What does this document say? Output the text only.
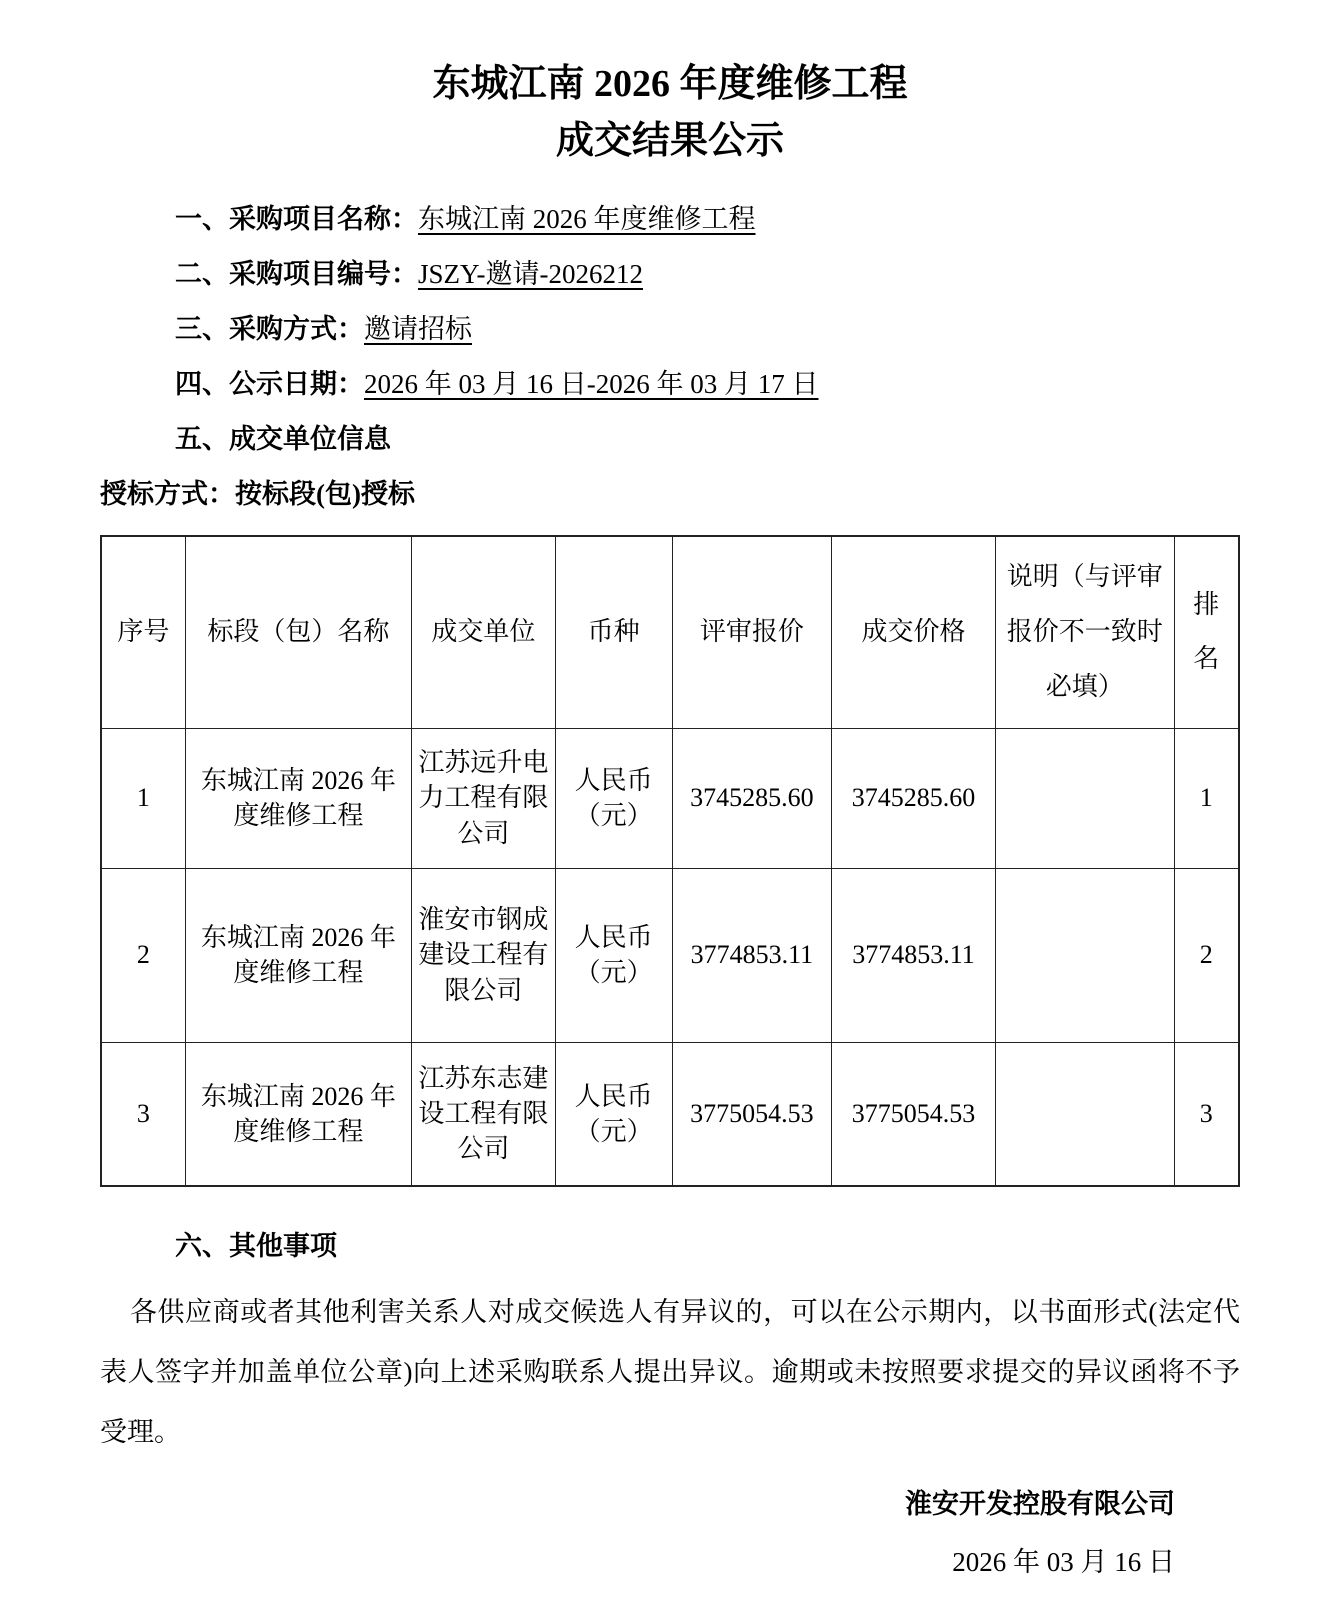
东城江南 2026 年度维修工程
成交结果公示
一、采购项目名称：东城江南 2026 年度维修工程
二、采购项目编号：JSZY-邀请-2026212
三、采购方式：邀请招标
四、公示日期：2026 年 03 月 16 日-2026 年 03 月 17 日
五、成交单位信息
授标方式：按标段(包)授标
序号	标段（包）名称	成交单位	币种	评审报价	成交价格	说明（与评审报价不一致时必填）	排名
1	东城江南 2026 年度维修工程	江苏远升电力工程有限公司	人民币（元）	3745285.60	3745285.60		1
2	东城江南 2026 年度维修工程	淮安市钢成建设工程有限公司	人民币（元）	3774853.11	3774853.11		2
3	东城江南 2026 年度维修工程	江苏东志建设工程有限公司	人民币（元）	3775054.53	3775054.53		3
六、其他事项
各供应商或者其他利害关系人对成交候选人有异议的，可以在公示期内，以书面形式(法定代表人签字并加盖单位公章)向上述采购联系人提出异议。逾期或未按照要求提交的异议函将不予受理。
淮安开发控股有限公司
2026 年 03 月 16 日
